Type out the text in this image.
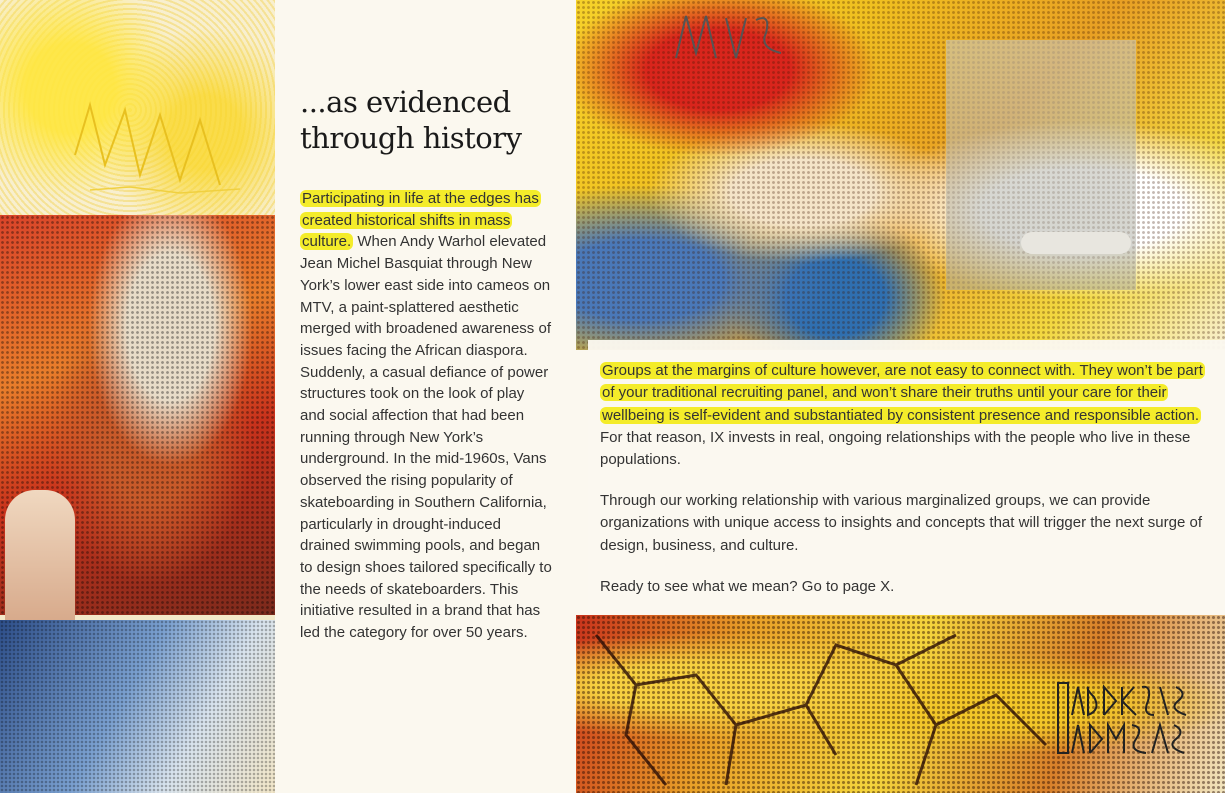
...as evidenced
through history

Participating in life at the edges has created historical shifts in mass culture. When Andy Warhol elevated Jean Michel Basquiat through New York’s lower east side into cameos on MTV, a paint-splattered aesthetic merged with broadened awareness of issues facing the African diaspora. Suddenly, a casual defiance of power structures took on the look of play and social affection that had been running through New York’s underground. In the mid-1960s, Vans observed the rising popularity of skateboarding in Southern California, particularly in drought-induced drained swimming pools, and began to design shoes tailored specifically to the needs of skateboarders. This initiative resulted in a brand that has led the category for over 50 years.

Groups at the margins of culture however, are not easy to connect with. They won’t be part of your traditional recruiting panel, and won’t share their truths until your care for their wellbeing is self-evident and substantiated by consistent presence and responsible action. For that reason, IX invests in real, ongoing relationships with the people who live in these populations.

Through our working relationship with various marginalized groups, we can provide organizations with unique access to insights and concepts that will trigger the next surge of design, business, and culture.

Ready to see what we mean? Go to page X.
